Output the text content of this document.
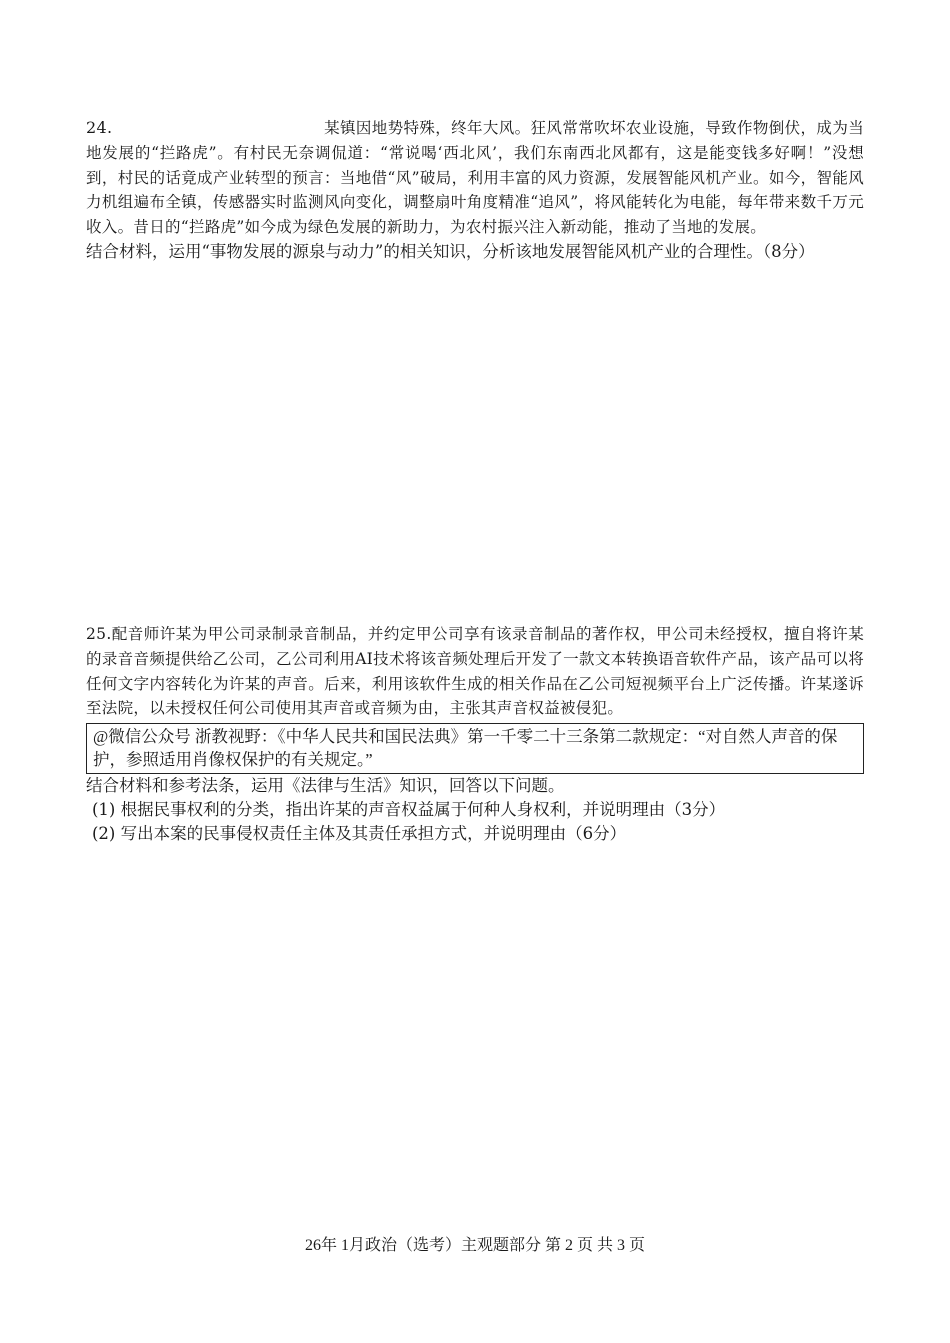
24.	某镇因地势特殊，终年大风。狂风常常吹坏农业设施，导致作物倒伏，成为当地发展的“拦路虎”。有村民无奈调侃道：“常说喝‘西北风’，我们东南西北风都有，这是能变钱多好啊！”没想到，村民的话竟成产业转型的预言：当地借“风”破局，利用丰富的风力资源，发展智能风机产业。如今，智能风力机组遍布全镇，传感器实时监测风向变化，调整扇叶角度精准“追风”，将风能转化为电能，每年带来数千万元收入。昔日的“拦路虎”如今成为绿色发展的新助力，为农村振兴注入新动能，推动了当地的发展。

结合材料，运用“事物发展的源泉与动力”的相关知识，分析该地发展智能风机产业的合理性。（8分）

25.配音师许某为甲公司录制录音制品，并约定甲公司享有该录音制品的著作权，甲公司未经授权，擅自将许某的录音音频提供给乙公司，乙公司利用AI技术将该音频处理后开发了一款文本转换语音软件产品，该产品可以将任何文字内容转化为许某的声音。后来，利用该软件生成的相关作品在乙公司短视频平台上广泛传播。许某遂诉至法院，以未授权任何公司使用其声音或音频为由，主张其声音权益被侵犯。
@微信公众号 浙教视野：《中华人民共和国民法典》第一千零二十三条第二款规定：“对自然人声音的保护，参照适用肖像权保护的有关规定。”

结合材料和参考法条，运用《法律与生活》知识，回答以下问题。

(1) 根据民事权利的分类，指出许某的声音权益属于何种人身权利，并说明理由（3分）

(2) 写出本案的民事侵权责任主体及其责任承担方式，并说明理由（6分）

26年 1月政治（选考）主观题部分 第 2 页 共 3 页
